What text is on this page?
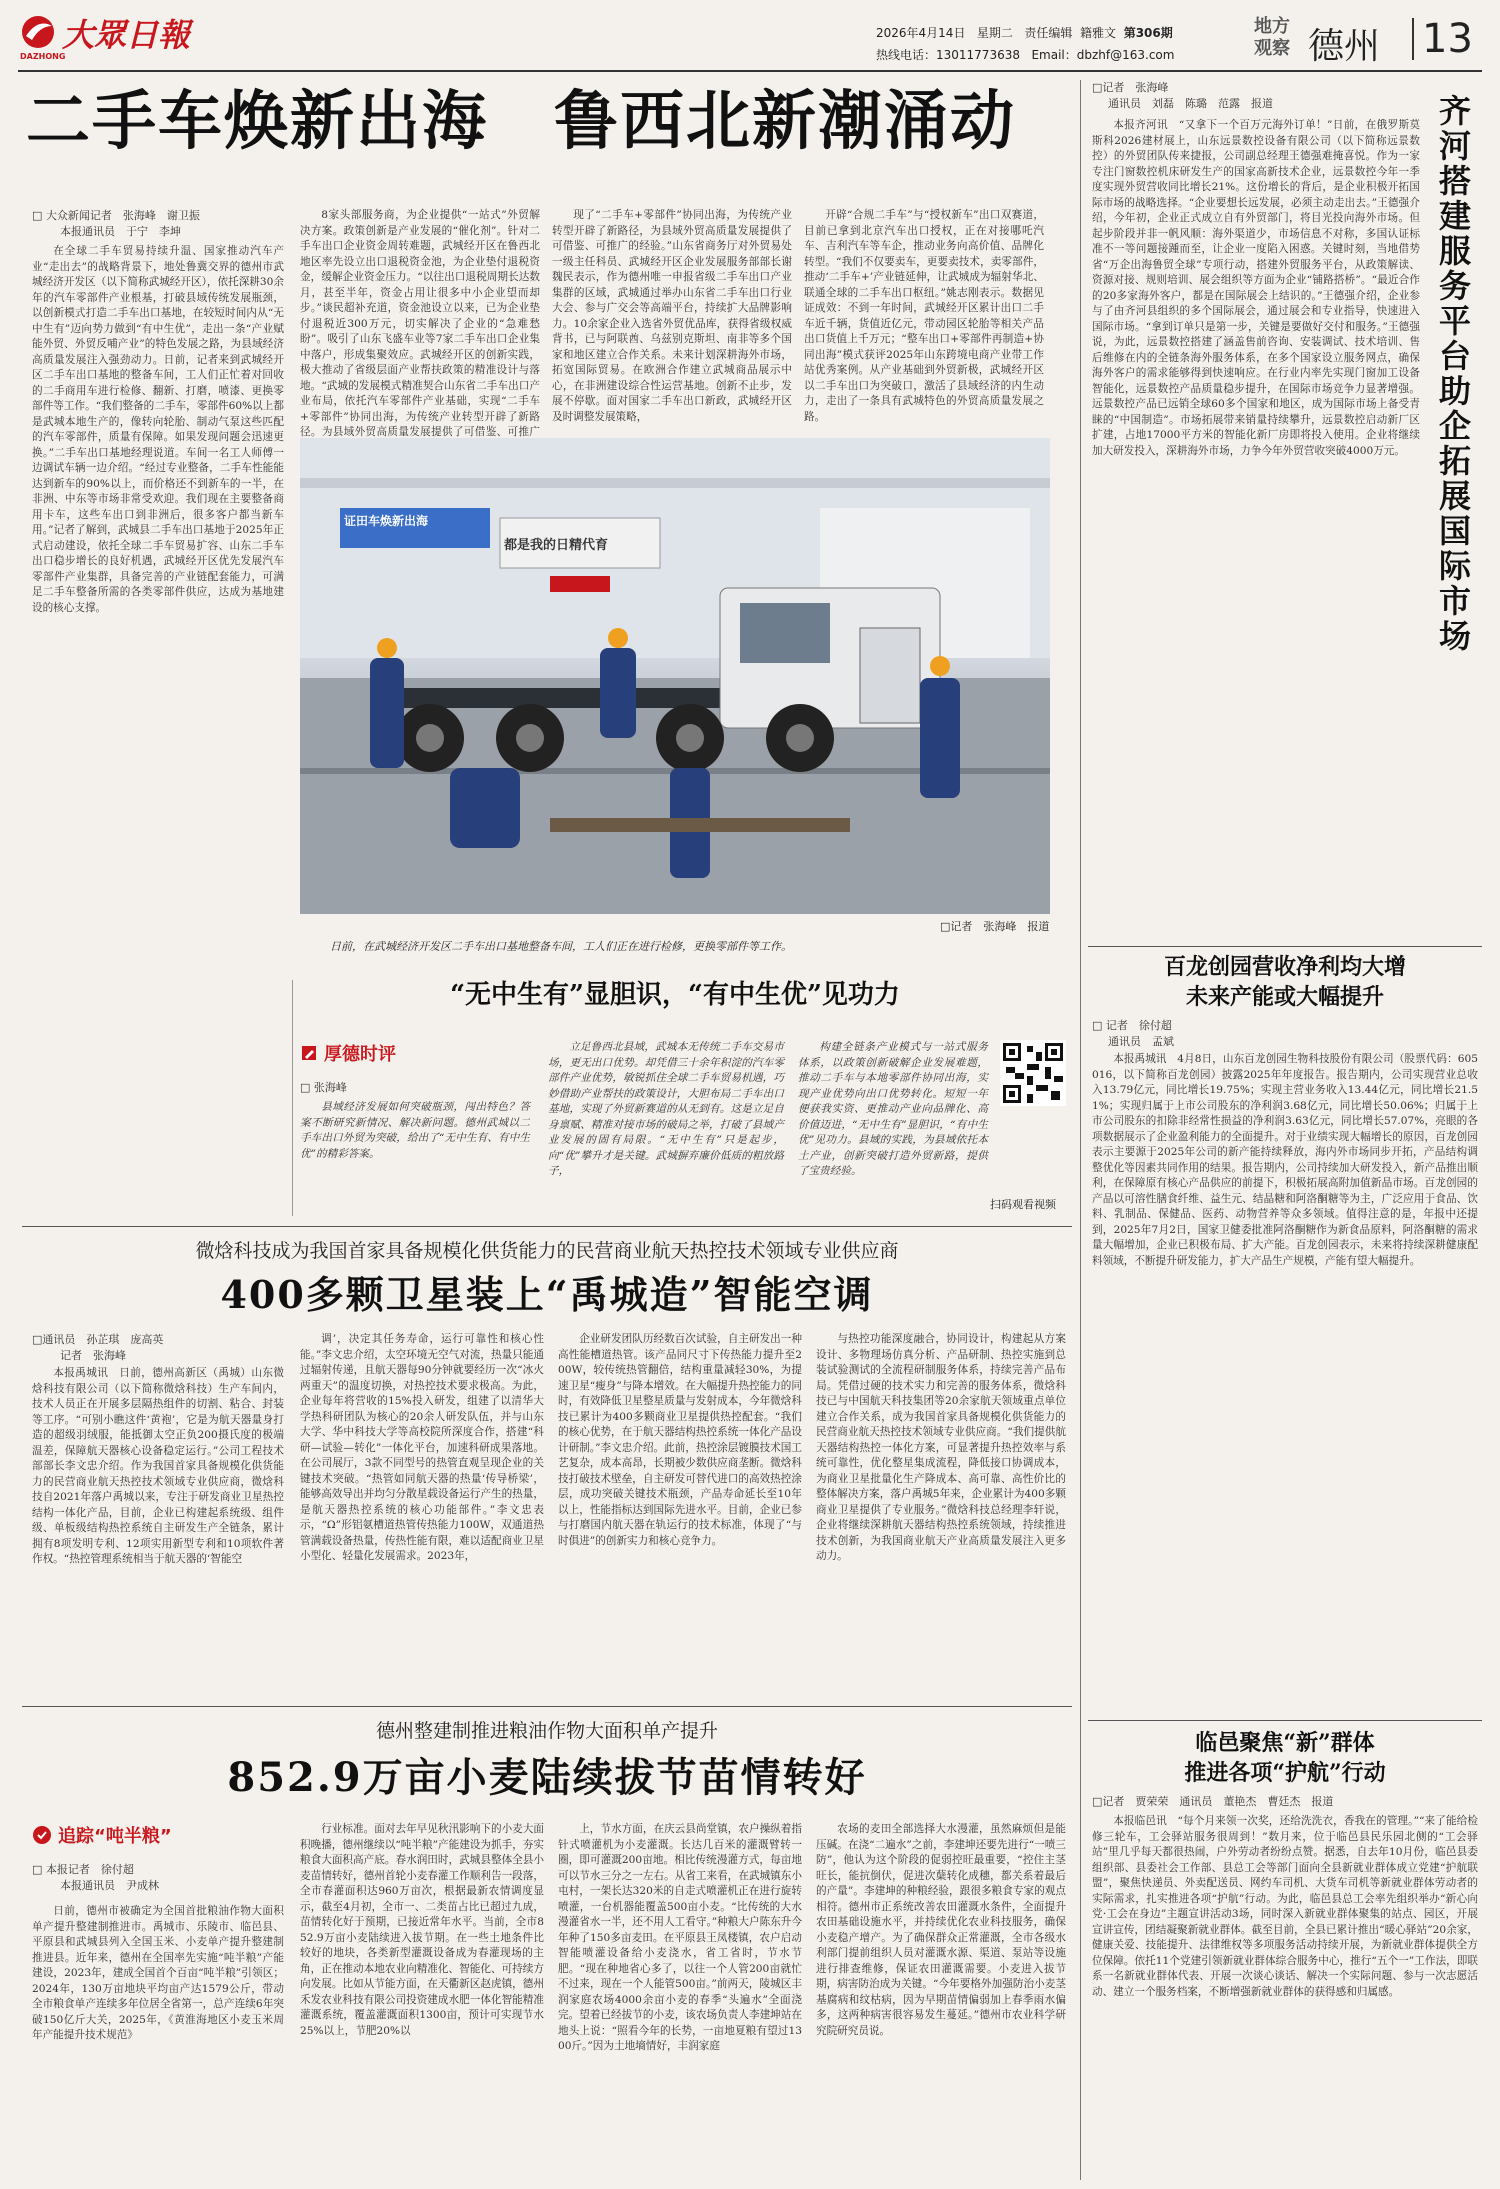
大眾日報
DAZHONG
2026年4月14日 星期二 责任编辑 籍雅文 第306期
热线电话：13011773638 Email：dbzhf@163.com
地方
观察 德州 13
二手车焕新出海　鲁西北新潮涌动
□ 大众新闻记者　张海峰　谢卫振
本报通讯员　于宁　李坤

在全球二手车贸易持续升温、国家推动汽车产业“走出去”的战略背景下，地处鲁冀交界的德州市武城经济开发区（以下简称武城经开区），依托深耕30余年的汽车零部件产业根基，打破县域传统发展瓶颈，以创新模式打造二手车出口基地，在较短时间内从“无中生有”迈向势力做到“有中生优”，走出一条“产业赋能外贸、外贸反哺产业”的特色发展之路，为县域经济高质量发展注入强劲动力。日前，记者来到武城经开区二手车出口基地的整备车间，工人们正忙着对回收的二手商用车进行检修、翻新、打磨，喷漆、更换零部件等工作。“我们整备的二手车，零部件60%以上都是武城本地生产的，像转向轮胎、制动气泵这些匹配的汽车零部件，质量有保障。如果发现问题会迅速更换。”二手车出口基地经理说道。车间一名工人师傅一边调试车辆一边介绍。“经过专业整备，二手车性能能达到新车的90%以上，而价格还不到新车的一半，在非洲、中东等市场非常受欢迎。我们现在主要整备商用卡车，这些车出口到非洲后，很多客户都当新车用。”记者了解到，武城县二手车出口基地于2025年正式启动建设，依托全球二手车贸易扩容、山东二手车出口稳步增长的良好机遇，武城经开区优先发展汽车零部件产业集群，具备完善的产业链配套能力，可满足二手车整备所需的各类零部件供应，达成为基地建设的核心支撑。

8家头部服务商，为企业提供“一站式”外贸解决方案。政策创新是产业发展的“催化剂”。针对二手车出口企业资金周转难题，武城经开区在鲁西北地区率先设立出口退税资金池，为企业垫付退税资金，缓解企业资金压力。“以往出口退税周期长达数月，甚至半年，资金占用让很多中小企业望而却步。”谈民超补充道，资金池设立以来，已为企业垫付退税近300万元，切实解决了企业的“急难愁盼”。吸引了山东飞盛车业等7家二手车出口企业集中落户，形成集聚效应。武城经开区的创新实践，极大推动了省级层面产业帮扶政策的精准设计与落地。“武城的发展模式精准契合山东省二手车出口产业布局，依托汽车零部件产业基础，实现“二手车+零部件”协同出海，为传统产业转型开辟了新路径。为县域外贸高质量发展提供了可借鉴、可推广

现了“二手车+零部件”协同出海，为传统产业转型开辟了新路径，为县域外贸高质量发展提供了可借鉴、可推广的经验。”山东省商务厅对外贸易处一级主任科员、武城经开区企业发展服务部部长谢魏民表示，作为德州唯一申报省级二手车出口产业集群的区域，武城通过举办山东省二手车出口行业大会、参与广交会等高端平台，持续扩大品牌影响力。10余家企业入选省外贸优品库，获得省级权威背书，已与阿联酋、乌兹别克斯坦、南非等多个国家和地区建立合作关系。未来计划深耕海外市场，拓宽国际贸易。在欧洲合作建立武城商品展示中心，在非洲建设综合性运营基地。创新不止步，发展不停歇。面对国家二手车出口新政，武城经开区及时调整发展策略，

开辟“合规二手车”与“授权新车”出口双赛道，目前已拿到北京汽车出口授权，正在对接哪吒汽车、吉利汽车等车企，推动业务向高价值、品牌化转型。“我们不仅要卖车，更要卖技术，卖零部件，推动‘二手车+’产业链延伸，让武城成为辐射华北、联通全球的二手车出口枢纽。”姚志刚表示。数据见证成效：不到一年时间，武城经开区累计出口二手车近千辆，货值近亿元，带动园区轮胎等相关产品出口货值上千万元；“整车出口+零部件再制造+协同出海”模式获评2025年山东跨境电商产业带工作站优秀案例。从产业基础到外贸新极，武城经开区以二手车出口为突破口，激活了县域经济的内生动力，走出了一条具有武城特色的外贸高质量发展之路。

证田车焕新出海
都是我的日精代育
□记者　张海峰　报道
日前，在武城经济开发区二手车出口基地整备车间，工人们正在进行检修，更换零部件等工作。
“无中生有”显胆识，“有中生优”见功力
厚德时评
□ 张海峰

县域经济发展如何突破瓶颈，闯出特色？答案不断研究新情况、解决新问题。德州武城以二手车出口外贸为突破，给出了“无中生有、有中生优”的精彩答案。

立足鲁西北县域，武城本无传统二手车交易市场，更无出口优势。却凭借三十余年积淀的汽车零部件产业优势，敏锐抓住全球二手车贸易机遇，巧妙借助产业帮扶的政策设计，大胆布局二手车出口基地，实现了外贸新赛道的从无到有。这是立足自身禀赋、精准对接市场的破局之举，打破了县域产业发展的固有局限。“无中生有”只是起步，向“优”攀升才是关键。武城摒弃廉价低质的粗放路子，

构建全链条产业模式与一站式服务体系，以政策创新破解企业发展难题，推动二手车与本地零部件协同出海，实现产业优势向出口优势转化。短短一年便获我实资、更推动产业向品牌化、高价值迈进，“无中生有”显胆识，“有中生优”见功力。县域的实践，为县域依托本土产业，创新突破打造外贸新路，提供了宝贵经验。

扫码观看视频
微焓科技成为我国首家具备规模化供货能力的民营商业航天热控技术领域专业供应商
400多颗卫星装上“禹城造”智能空调
□通讯员　孙芷琪　庞高英
记者　张海峰

本报禹城讯　日前，德州高新区（禹城）山东微焓科技有限公司（以下简称微焓科技）生产车间内，技术人员正在开展多层隔热组件的切割、粘合、封装等工序。“可别小瞧这件‘黄袍’，它是为航天器量身打造的超级羽绒服，能抵御太空正负200摄氏度的极端温差，保障航天器核心设备稳定运行。”公司工程技术部部长李文忠介绍。作为我国首家具备规模化供货能力的民营商业航天热控技术领域专业供应商，微焓科技自2021年落户禹城以来，专注于研发商业卫星热控结构一体化产品，目前，企业已构建起系统级、组件级、单板级结构热控系统自主研发生产全链条，累计拥有8项发明专利、12项实用新型专利和10项软件著作权。“热控管理系统相当于航天器的‘智能空

调’，决定其任务寿命，运行可靠性和核心性能。”李文忠介绍，太空环境无空气对流，热量只能通过辐射传递，且航天器每90分钟就要经历一次“冰火两重天”的温度切换，对热控技术要求极高。为此，企业每年将营收的15%投入研发，组建了以清华大学热科研团队为核心的20余人研发队伍，并与山东大学、华中科技大学等高校院所深度合作，搭建“科研—试验—转化”一体化平台，加速科研成果落地。在公司展厅，3款不同型号的热管直观呈现企业的关键技术突破。“热管如同航天器的热量‘传导桥梁’，能够高效导出并均匀分散星载设备运行产生的热量，是航天器热控系统的核心功能部件。”李文忠表示，“Ω”形铝氨槽道热管传热能力100W，双通道热管满载设备热量，传热性能有限，难以适配商业卫星小型化、轻量化发展需求。2023年，

企业研发团队历经数百次试验，自主研发出一种高性能槽道热管。该产品同尺寸下传热能力提升至200W，较传统热管翻倍，结构重量减轻30%，为提速卫星“瘦身”与降本增效。在大幅提升热控能力的同时，有效降低卫星整星质量与发射成本，今年微焓科技已累计为400多颗商业卫星提供热控配套。“我们的核心优势，在于航天器结构热控系统一体化产品设计研制。”李文忠介绍。此前，热控涂层镀膜技术国工艺复杂，成本高昂，长期被少数供应商垄断。微焓科技打破技术壁垒，自主研发可替代进口的高效热控涂层，成功突破关键技术瓶颈，产品寿命延长至10年以上，性能指标达到国际先进水平。目前，企业已参与打磨国内航天器在轨运行的技术标准，体现了“与时俱进”的创新实力和核心竞争力。

与热控功能深度融合，协同设计，构建起从方案设计、多物理场仿真分析、产品研制、热控实施到总装试验测试的全流程研制服务体系，持续完善产品布局。凭借过硬的技术实力和完善的服务体系，微焓科技已与中国航天科技集团等20余家航天领域重点单位建立合作关系，成为我国首家具备规模化供货能力的民营商业航天热控技术领域专业供应商。“我们提供航天器结构热控一体化方案，可显著提升热控效率与系统可靠性，优化整星集成流程，降低接口协调成本，为商业卫星批量化生产降成本、高可靠、高性价比的整体解决方案，落户禹城5年来，企业累计为400多颗商业卫星提供了专业服务。”微焓科技总经理李轩说，企业将继续深耕航天器结构热控系统领域，持续推进技术创新，为我国商业航天产业高质量发展注入更多动力。

德州整建制推进粮油作物大面积单产提升
852.9万亩小麦陆续拔节苗情转好
追踪“吨半粮”
□ 本报记者　徐付超
本报通讯员　尹成林

日前，德州市被确定为全国首批粮油作物大面积单产提升整建制推进市。禹城市、乐陵市、临邑县、平原县和武城县列入全国玉米、小麦单产提升整建制推进县。近年来，德州在全国率先实施“吨半粮”产能建设，2023年，建成全国首个百亩“吨半粮”引领区；2024年，130万亩地块平均亩产达1579公斤，带动全市粮食单产连续多年位居全省第一，总产连续6年突破150亿斤大关，2025年，《黄淮海地区小麦玉米周年产能提升技术规范》

行业标准。面对去年早见秋汛影响下的小麦大面积晚播，德州继续以“吨半粮”产能建设为抓手，夯实粮食大面积高产底。春水润田时，武城县整体全县小麦苗情转好，德州首轮小麦春灌工作顺利告一段落，全市春灌面积达960万亩次，根据最新农情调度显示，截至4月初，全市一、二类苗占比已超过九成，苗情转化好于预期，已接近常年水平。当前，全市852.9万亩小麦陆续进入拔节期。在一些土地条件比较好的地块，各类新型灌溉设备成为春灌现场的主角，正在推动本地农业向精准化、智能化、可持续方向发展。比如从节能方面，在天衢新区赵虎镇，德州禾发农业科技有限公司投资建成水肥一体化智能精准灌溉系统，覆盖灌溉面积1300亩，预计可实现节水25%以上，节肥20%以

上，节水方面，在庆云县尚堂镇，农户操纵着指针式喷灌机为小麦灌溉。长达几百米的灌溉臂转一圈，即可灌溉200亩地。相比传统漫灌方式，每亩地可以节水三分之一左右。从省工来看，在武城镇东小屯村，一架长达320米的自走式喷灌机正在进行旋转喷灌，一台机器能覆盖500亩小麦。“比传统的大水漫灌省水一半，还不用人工看守。”种粮大户陈东升今年种了150多亩麦田。在平原县王凤楼镇，农户启动智能喷灌设备给小麦浇水，省工省时，节水节肥。“现在种地省心多了，以往一个人管200亩就忙不过来，现在一个人能管500亩。”前两天，陵城区丰润家庭农场4000余亩小麦的春季“头遍水”全面浇完。望着已经拔节的小麦，该农场负责人李建坤站在地头上说：“照看今年的长势，一亩地夏粮有望过1300斤。”因为土地墒情好，丰润家庭

农场的麦田全部选择大水漫灌，虽然麻烦但是能压碱。在浇“二遍水”之前，李建坤还要先进行“一喷三防”，他认为这个阶段的促弱控旺最重要，“控住主茎旺长，能抗倒伏，促进次蘖转化成穗，都关系着最后的产量”。李建坤的种粮经验，跟很多粮食专家的观点相符。德州市正系统改善农田灌溉水条件，全面提升农田基础设施水平，并持续优化农业科技服务，确保小麦稳产增产。为了确保群众正常灌溉，全市各级水利部门提前组织人员对灌溉水源、渠道、泵站等设施进行排查维修，保证农田灌溉需要。小麦进入拔节期，病害防治成为关键。“今年要格外加强防治小麦茎基腐病和纹枯病，因为早期苗情偏弱加上春季雨水偏多，这两种病害很容易发生蔓延。”德州市农业科学研究院研究员说。

□记者　张海峰
通讯员　刘磊　陈璐　范露　报道	齐河搭建服务平台助企拓展国际市场

本报齐河讯　“又拿下一个百万元海外订单！”日前，在俄罗斯莫斯科2026建材展上，山东远景数控设备有限公司（以下简称远景数控）的外贸团队传来捷报，公司副总经理王德强难掩喜悦。作为一家专注门窗数控机床研发生产的国家高新技术企业，远景数控今年一季度实现外贸营收同比增长21%。这份增长的背后，是企业积极开拓国际市场的战略选择。“企业要想长远发展，必须主动走出去。”王德强介绍，今年初，企业正式成立自有外贸部门，将目光投向海外市场。但起步阶段并非一帆风顺：海外渠道少，市场信息不对称，多国认证标准不一等问题接踵而至，让企业一度陷入困惑。关键时刻，当地借势省“万企出海鲁贸全球”专项行动，搭建外贸服务平台，从政策解读、资源对接、规则培训、展会组织等方面为企业“铺路搭桥”。“最近合作的20多家海外客户，都是在国际展会上结识的。”王德强介绍，企业参与了由齐河县组织的多个国际展会，通过展会和专业指导，快速进入国际市场。“拿到订单只是第一步，关键是要做好交付和服务。”王德强说，为此，远景数控搭建了涵盖售前咨询、安装调试、技术培训、售后维修在内的全链条海外服务体系，在多个国家设立服务网点，确保海外客户的需求能够得到快速响应。在行业内率先实现门窗加工设备智能化，远景数控产品质量稳步提升，在国际市场竞争力显著增强。远景数控产品已远销全球60多个国家和地区，成为国际市场上备受青睐的“中国制造”。市场拓展带来销量持续攀升，远景数控启动新厂区扩建，占地17000平方米的智能化新厂房即将投入使用。企业将继续加大研发投入，深耕海外市场，力争今年外贸营收突破4000万元。

百龙创园营收净利均大增
未来产能或大幅提升
□ 记者　徐付超
通讯员　孟斌

本报禹城讯　4月8日，山东百龙创园生物科技股份有限公司（股票代码：605016，以下简称百龙创园）披露2025年年度报告。报告期内，公司实现营业总收入13.79亿元，同比增长19.75%；实现主营业务收入13.44亿元，同比增长21.51%；实现归属于上市公司股东的净利润3.68亿元，同比增长50.06%；归属于上市公司股东的扣除非经常性损益的净利润3.63亿元，同比增长57.07%，亮眼的各项数据展示了企业盈利能力的全面提升。对于业绩实现大幅增长的原因，百龙创园表示主要源于2025年公司的新产能持续释放，海内外市场同步开拓，产品结构调整优化等因素共同作用的结果。报告期内，公司持续加大研发投入，新产品推出顺利，在保障原有核心产品供应的前提下，积极拓展高附加值新品市场。百龙创园的产品以可溶性膳食纤维、益生元、结晶糖和阿洛酮糖等为主，广泛应用于食品、饮料、乳制品、保健品、医药、动物营养等众多领域。值得注意的是，年报中还提到，2025年7月2日，国家卫健委批准阿洛酮糖作为新食品原料，阿洛酮糖的需求量大幅增加，企业已积极布局、扩大产能。百龙创园表示，未来将持续深耕健康配料领域，不断提升研发能力，扩大产品生产规模，产能有望大幅提升。

临邑聚焦“新”群体
推进各项“护航”行动
□记者　贾荣荣　通讯员　董艳杰　曹廷杰　报道

本报临邑讯　“每个月来领一次奖，还给洗洗衣，香我在的管理。”“来了能给检修三轮车，工会驿站服务很周到！”数月来，位于临邑县民乐园北侧的“工会驿站”里几乎每天都很热闹，户外劳动者纷纷点赞。据悉，自去年10月份，临邑县委组织部、县委社会工作部、县总工会等部门面向全县新就业群体成立党建“护航联盟”，聚焦快递员、外卖配送员、网约车司机、大货车司机等新就业群体劳动者的实际需求，扎实推进各项“护航”行动。为此，临邑县总工会率先组织举办“新心向党·工会在身边”主题宣讲活动3场，同时深入新就业群体聚集的站点、园区，开展宣讲宣传，团结凝聚新就业群体。截至目前，全县已累计推出“暖心驿站”20余家，健康关爱、技能提升、法律维权等多项服务活动持续开展，为新就业群体提供全方位保障。依托11个党建引领新就业群体综合服务中心，推行“五个一”工作法，即联系一名新就业群体代表、开展一次谈心谈话、解决一个实际问题、参与一次志愿活动、建立一个服务档案，不断增强新就业群体的获得感和归属感。
